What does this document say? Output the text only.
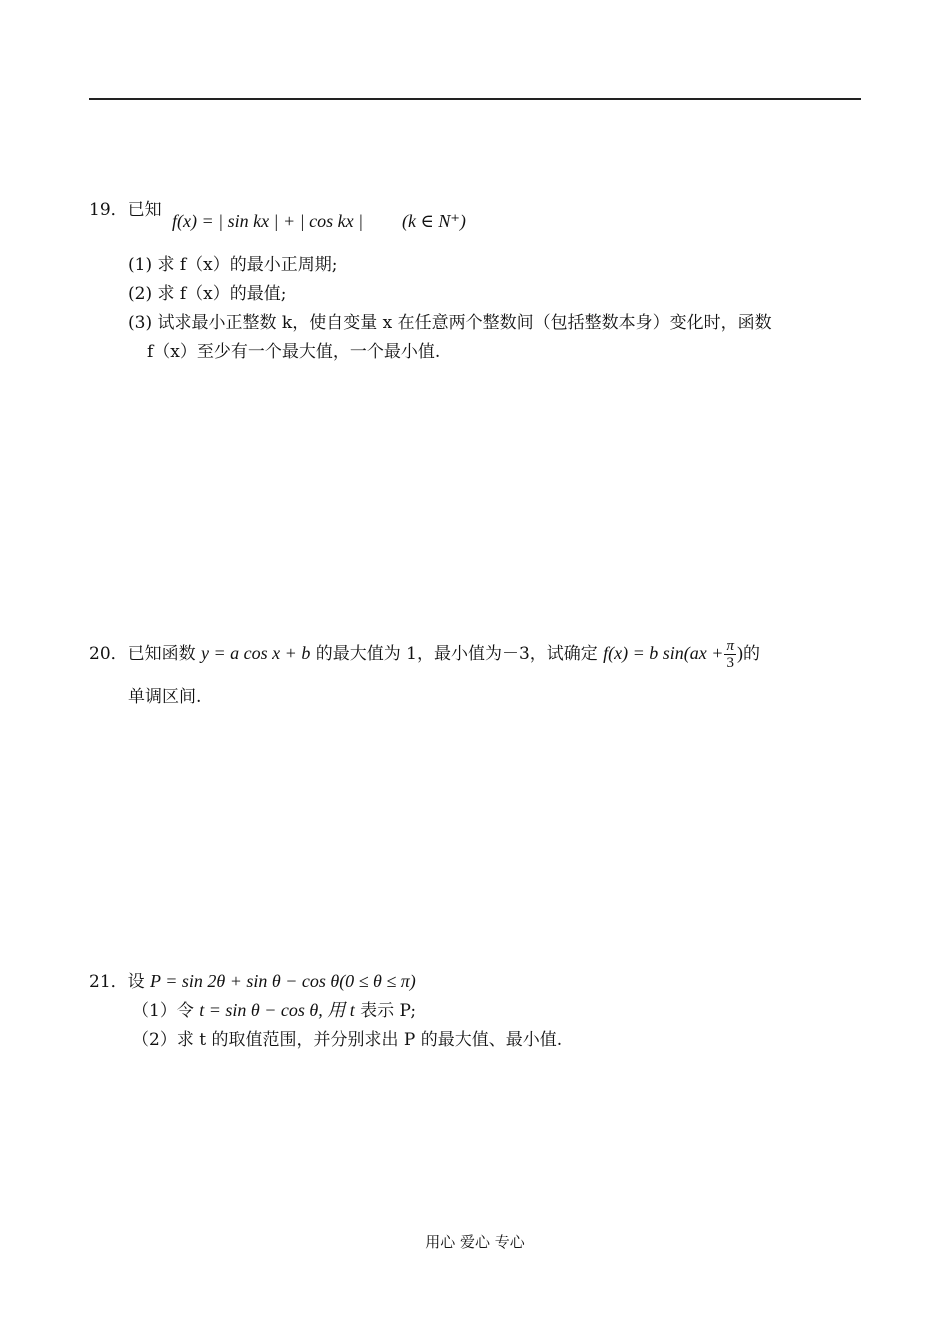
19．已知
f(x) = | sin kx | + | cos kx | (k ∈ N⁺)
(1) 求 f（x）的最小正周期;
(2) 求 f（x）的最值;
(3) 试求最小正整数 k，使自变量 x 在任意两个整数间（包括整数本身）变化时，函数
f（x）至少有一个最大值，一个最小值.
20．已知函数 y = a cos x + b 的最大值为 1，最小值为－3，试确定 f(x) = b $\sin(ax + \frac{\pi}{3}$ )的
单调区间.
21．设 P = sin 2θ + sin θ − cos θ(0 ≤ θ ≤ π)
（1）令 t = sin θ − cos θ, 用 t 表示 P;
（2）求 t 的取值范围，并分别求出 P 的最大值、最小值.
用心 爱心 专心
